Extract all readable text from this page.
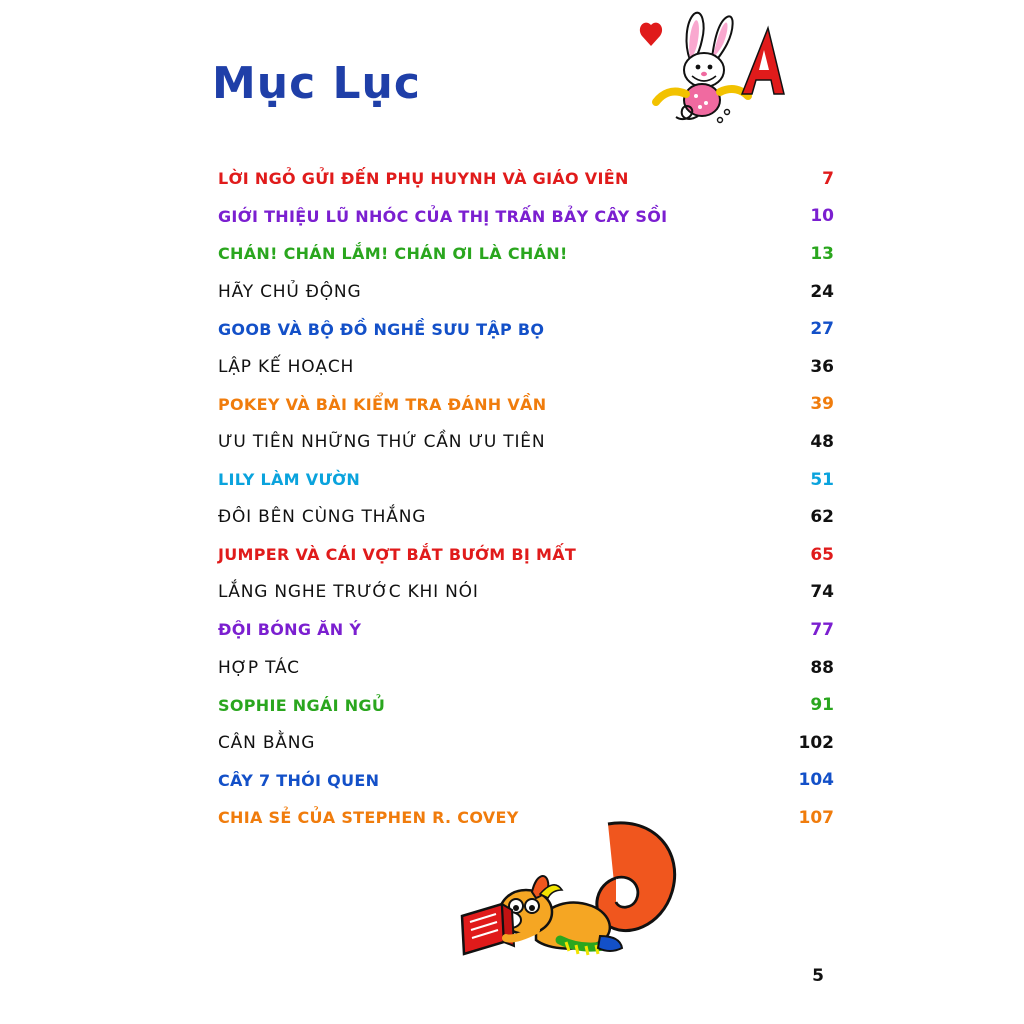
Mục Lục
LỜI NGỎ GỬI ĐẾN PHỤ HUYNH VÀ GIÁO VIÊN	7
GIỚI THIỆU LŨ NHÓC CỦA THỊ TRẤN BẢY CÂY SỒI	10
CHÁN! CHÁN LẮM! CHÁN ƠI LÀ CHÁN!	13
HÃY CHỦ ĐỘNG	24
GOOB VÀ BỘ ĐỒ NGHỀ SƯU TẬP BỌ	27
LẬP KẾ HOẠCH	36
POKEY VÀ BÀI KIỂM TRA ĐÁNH VẦN	39
ƯU TIÊN NHỮNG THỨ CẦN ƯU TIÊN	48
LILY LÀM VƯỜN	51
ĐÔI BÊN CÙNG THẮNG	62
JUMPER VÀ CÁI VỢT BẮT BƯỚM BỊ MẤT	65
LẮNG NGHE TRƯỚC KHI NÓI	74
ĐỘI BÓNG ĂN Ý	77
HỢP TÁC	88
SOPHIE NGÁI NGỦ	91
CÂN BẰNG	102
CÂY 7 THÓI QUEN	104
CHIA SẺ CỦA STEPHEN R. COVEY	107
5
